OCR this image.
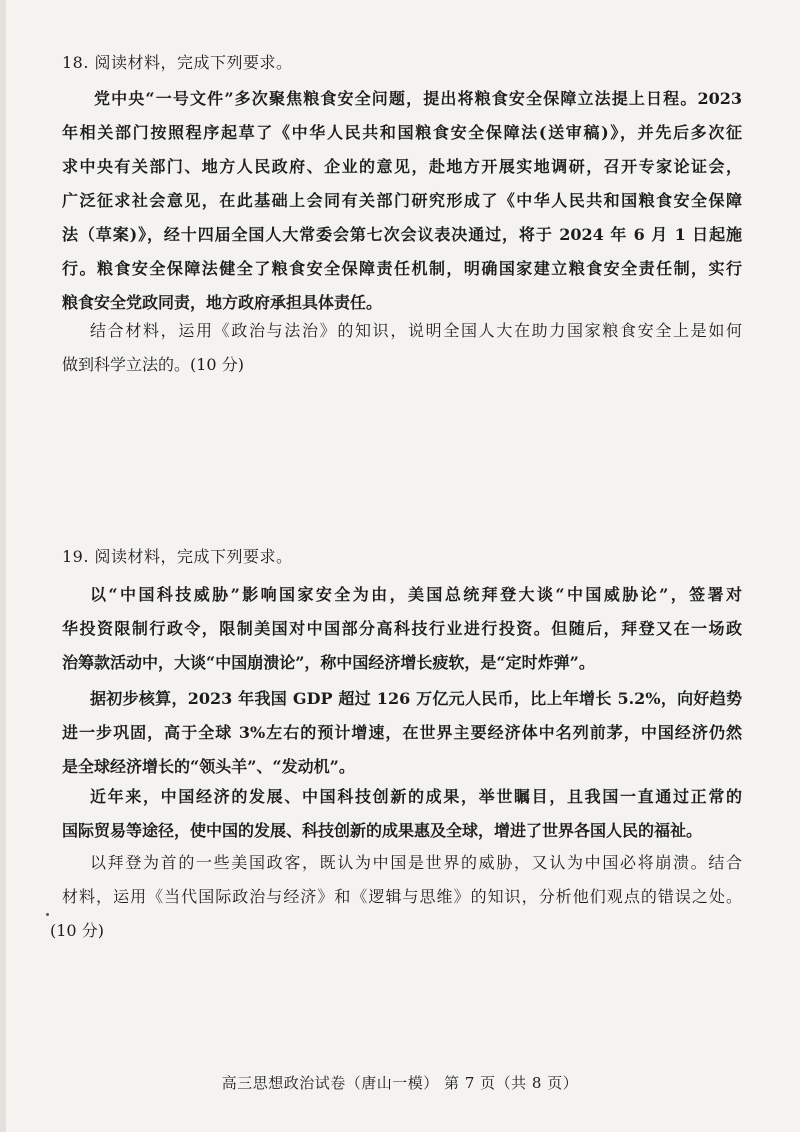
18. 阅读材料，完成下列要求。
党中央“一号文件”多次聚焦粮食安全问题，提出将粮食安全保障立法提上日程。2023
年相关部门按照程序起草了《中华人民共和国粮食安全保障法(送审稿)》，并先后多次征
求中央有关部门、地方人民政府、企业的意见，赴地方开展实地调研，召开专家论证会，
广泛征求社会意见，在此基础上会同有关部门研究形成了《中华人民共和国粮食安全保障
法（草案)》，经十四届全国人大常委会第七次会议表决通过，将于 2024 年 6 月 1 日起施
行。粮食安全保障法健全了粮食安全保障责任机制，明确国家建立粮食安全责任制，实行
粮食安全党政同责，地方政府承担具体责任。
结合材料，运用《政治与法治》的知识，说明全国人大在助力国家粮食安全上是如何
做到科学立法的。(10 分)
19. 阅读材料，完成下列要求。
以“中国科技威胁”影响国家安全为由，美国总统拜登大谈“中国威胁论”，签署对
华投资限制行政令，限制美国对中国部分高科技行业进行投资。但随后，拜登又在一场政
治筹款活动中，大谈“中国崩溃论”，称中国经济增长疲软，是“定时炸弹”。
据初步核算，2023 年我国 GDP 超过 126 万亿元人民币，比上年增长 5.2%，向好趋势
进一步巩固，高于全球 3%左右的预计增速，在世界主要经济体中名列前茅，中国经济仍然
是全球经济增长的“领头羊”、“发动机”。
近年来，中国经济的发展、中国科技创新的成果，举世瞩目，且我国一直通过正常的
国际贸易等途径，使中国的发展、科技创新的成果惠及全球，增进了世界各国人民的福祉。
以拜登为首的一些美国政客，既认为中国是世界的威胁，又认为中国必将崩溃。结合
材料，运用《当代国际政治与经济》和《逻辑与思维》的知识，分析他们观点的错误之处。
(10 分)
高三思想政治试卷（唐山一模） 第 7 页（共 8 页）
